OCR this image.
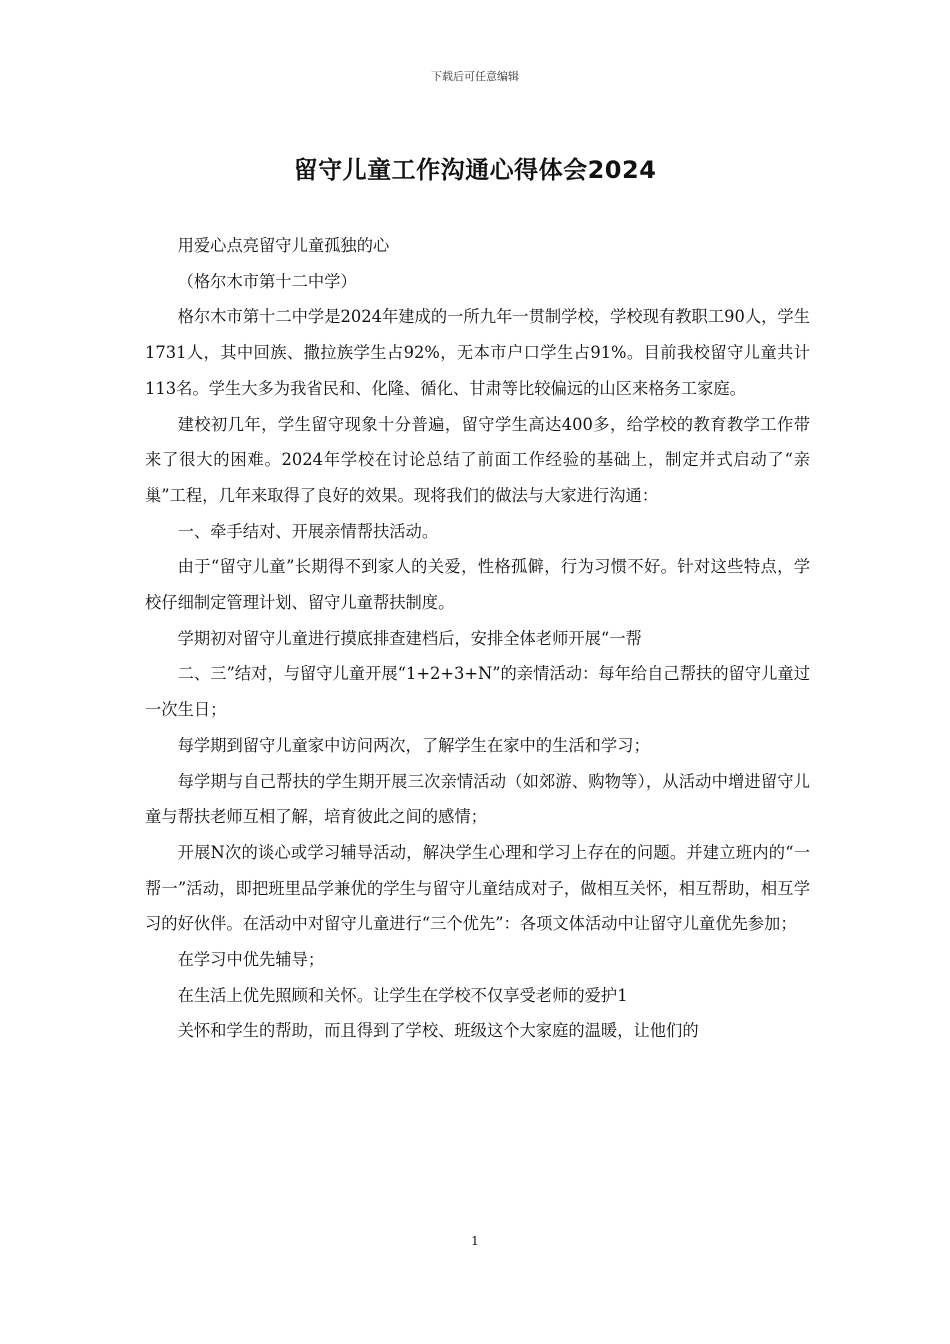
下载后可任意编辑
留守儿童工作沟通心得体会2024

用爱心点亮留守儿童孤独的心

（格尔木市第十二中学）

格尔木市第十二中学是2024年建成的一所九年一贯制学校，学校现有教职工90人，学生1731人，其中回族、撒拉族学生占92%，无本市户口学生占91%。目前我校留守儿童共计113名。学生大多为我省民和、化隆、循化、甘肃等比较偏远的山区来格务工家庭。

建校初几年，学生留守现象十分普遍，留守学生高达400多，给学校的教育教学工作带来了很大的困难。2024年学校在讨论总结了前面工作经验的基础上，制定并式启动了“亲巢”工程，几年来取得了良好的效果。现将我们的做法与大家进行沟通：

一、牵手结对、开展亲情帮扶活动。

由于“留守儿童”长期得不到家人的关爱，性格孤僻，行为习惯不好。针对这些特点，学校仔细制定管理计划、留守儿童帮扶制度。

学期初对留守儿童进行摸底排查建档后，安排全体老师开展“一帮

二、三”结对，与留守儿童开展“1+2+3+N”的亲情活动：每年给自己帮扶的留守儿童过一次生日；

每学期到留守儿童家中访问两次，了解学生在家中的生活和学习；

每学期与自己帮扶的学生期开展三次亲情活动（如郊游、购物等），从活动中增进留守儿童与帮扶老师互相了解，培育彼此之间的感情；

开展N次的谈心或学习辅导活动，解决学生心理和学习上存在的问题。并建立班内的“一帮一”活动，即把班里品学兼优的学生与留守儿童结成对子，做相互关怀，相互帮助，相互学习的好伙伴。在活动中对留守儿童进行“三个优先”：各项文体活动中让留守儿童优先参加；

在学习中优先辅导；

在生活上优先照顾和关怀。让学生在学校不仅享受老师的爱护1

关怀和学生的帮助，而且得到了学校、班级这个大家庭的温暖，让他们的

1
